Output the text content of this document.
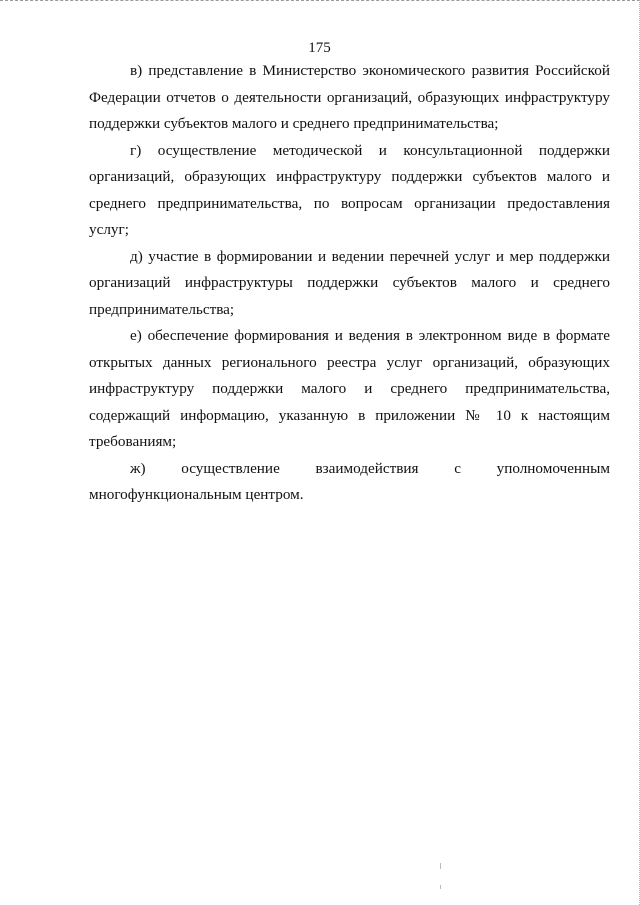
175

в) представление в Министерство экономического развития Российской Федерации отчетов о деятельности организаций, образующих инфраструктуру поддержки субъектов малого и среднего предпринимательства;

г) осуществление методической и консультационной поддержки организаций, образующих инфраструктуру поддержки субъектов малого и среднего предпринимательства, по вопросам организации предоставления услуг;

д) участие в формировании и ведении перечней услуг и мер поддержки организаций инфраструктуры поддержки субъектов малого и среднего предпринимательства;

е) обеспечение формирования и ведения в электронном виде в формате открытых данных регионального реестра услуг организаций, образующих инфраструктуру поддержки малого и среднего предпринимательства, содержащий информацию, указанную в приложении № 10 к настоящим требованиям;

ж) осуществление взаимодействия с уполномоченным многофункциональным центром.
